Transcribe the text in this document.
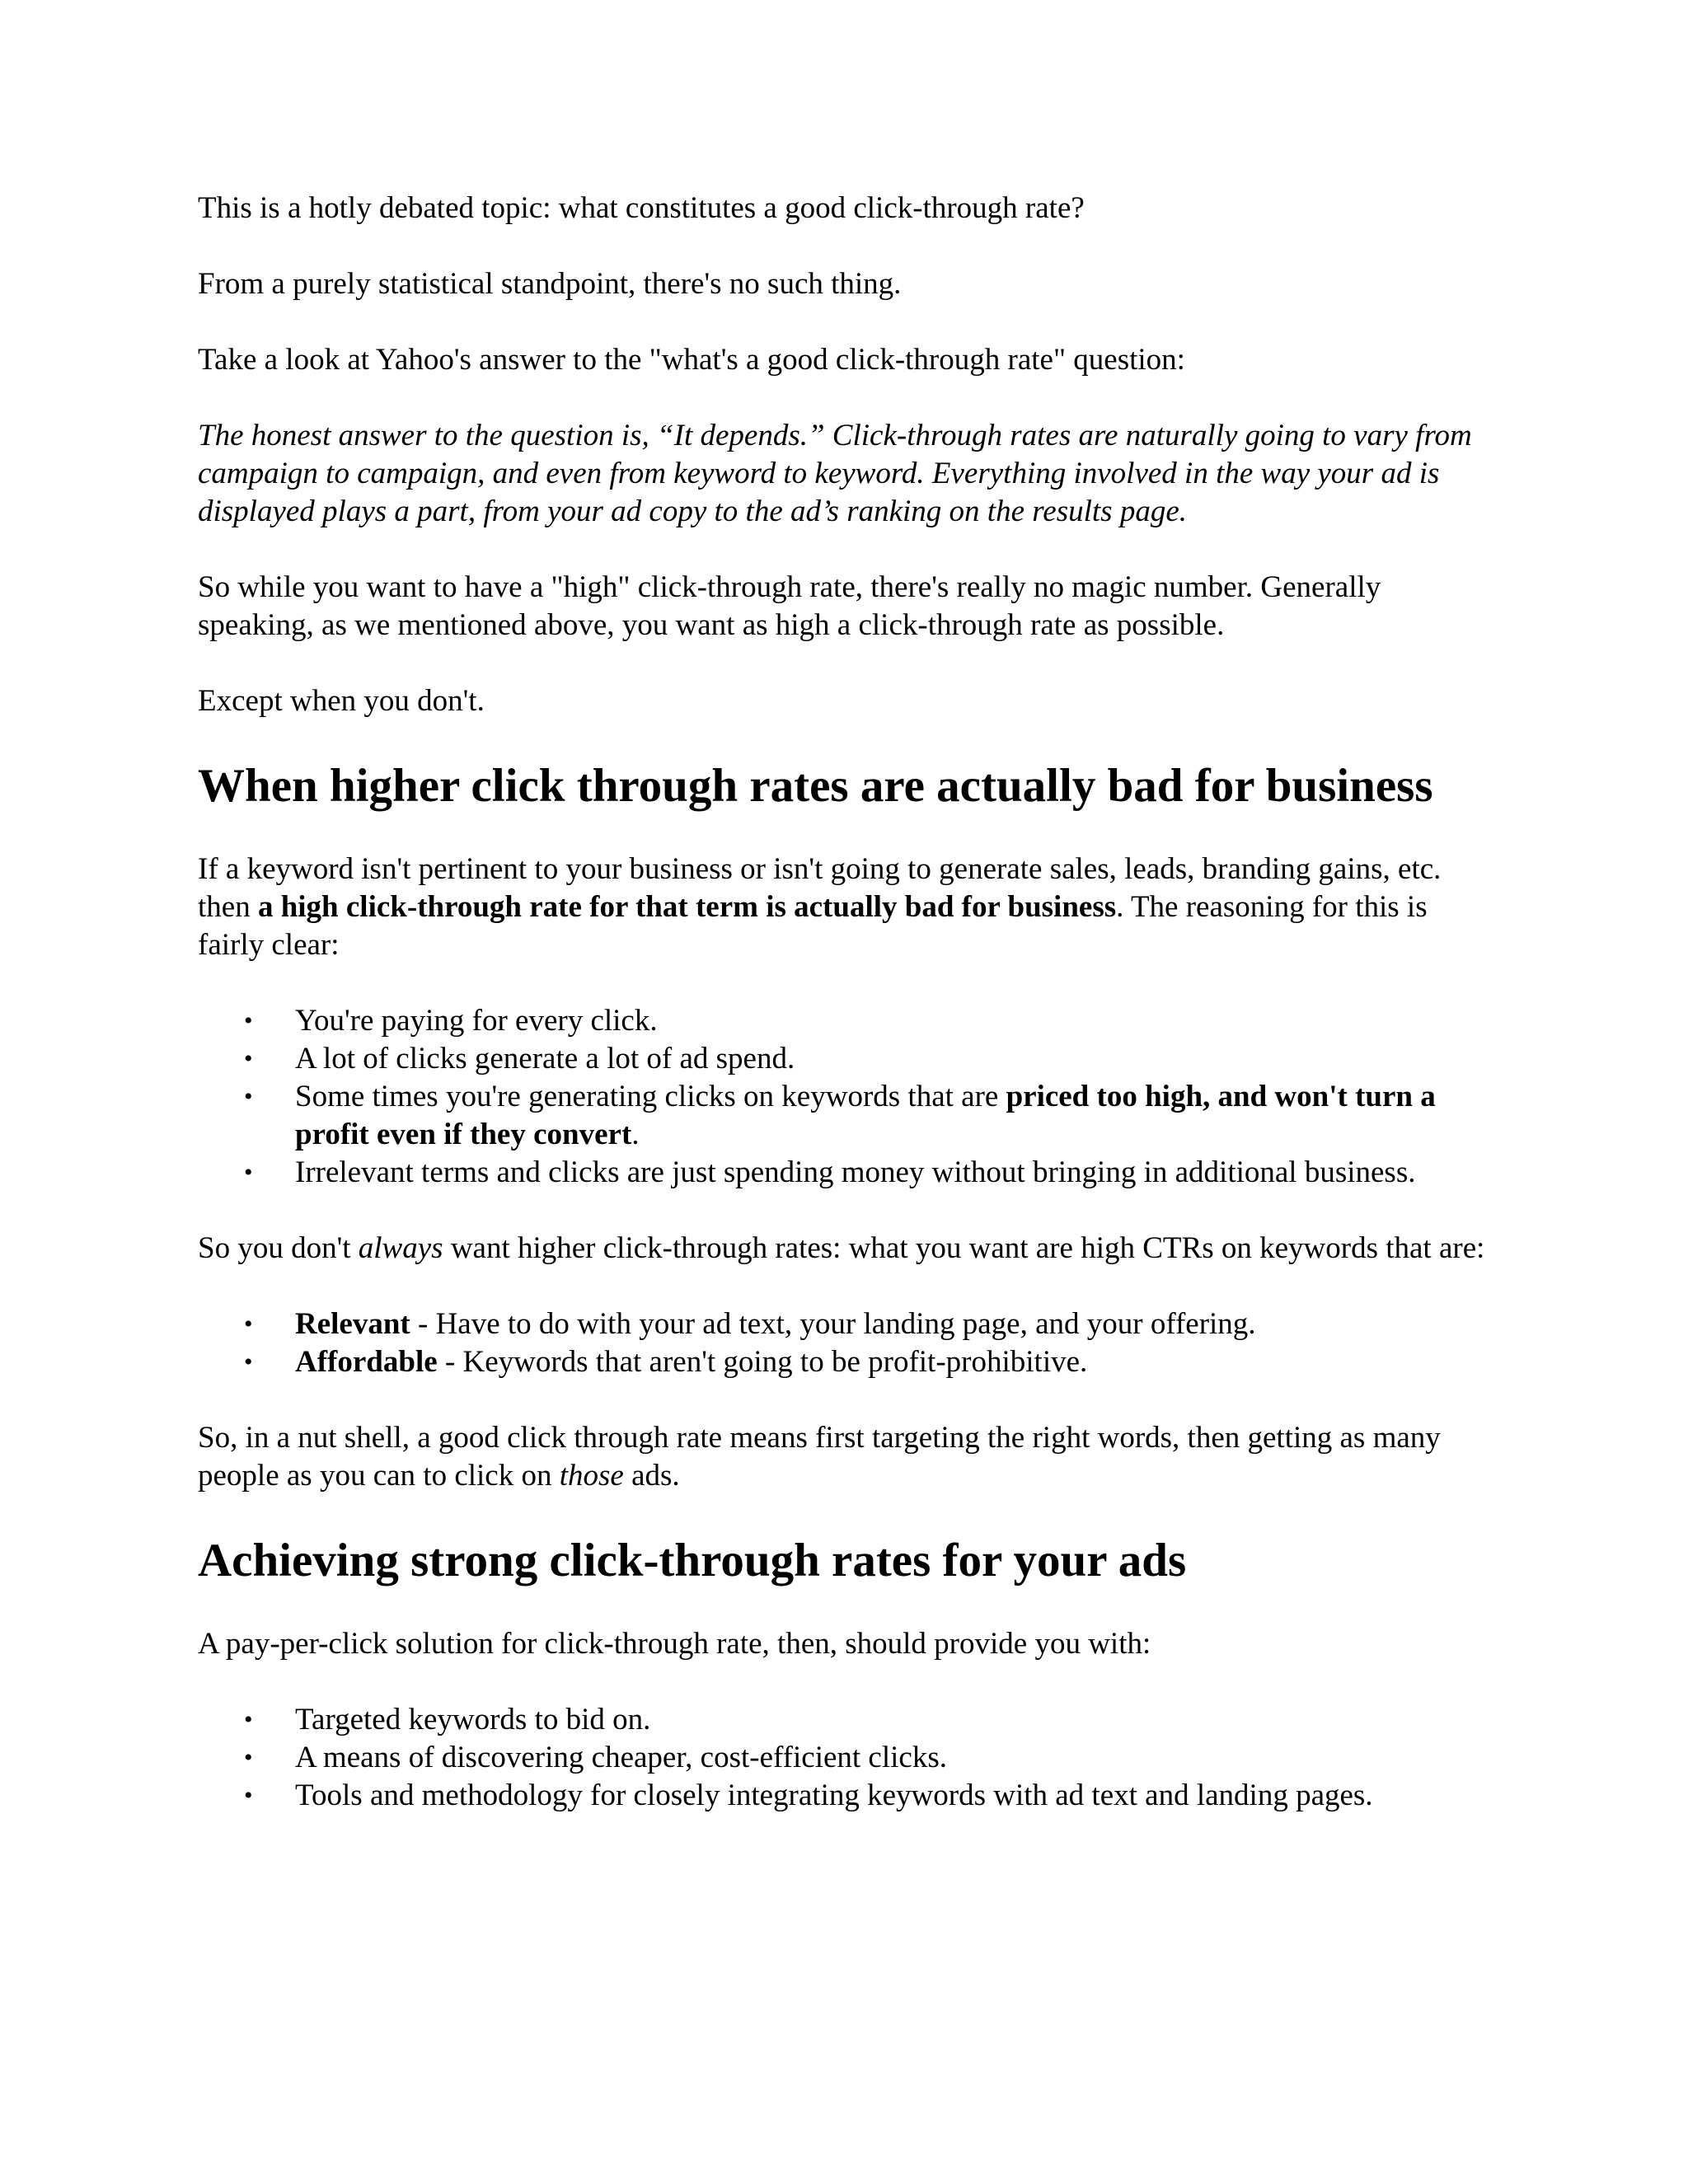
This is a hotly debated topic: what constitutes a good click-through rate?

From a purely statistical standpoint, there's no such thing.

Take a look at Yahoo's answer to the "what's a good click-through rate" question:

The honest answer to the question is, “It depends.” Click-through rates are naturally going to vary from campaign to campaign, and even from keyword to keyword. Everything involved in the way your ad is displayed plays a part, from your ad copy to the ad’s ranking on the results page.

So while you want to have a "high" click-through rate, there's really no magic number. Generally speaking, as we mentioned above, you want as high a click-through rate as possible.

Except when you don't.

When higher click through rates are actually bad for business

If a keyword isn't pertinent to your business or isn't going to generate sales, leads, branding gains, etc. then a high click-through rate for that term is actually bad for business. The reasoning for this is fairly clear:

• You're paying for every click.
• A lot of clicks generate a lot of ad spend.
• Some times you're generating clicks on keywords that are priced too high, and won't turn a profit even if they convert.
• Irrelevant terms and clicks are just spending money without bringing in additional business.

So you don't always want higher click-through rates: what you want are high CTRs on keywords that are:

• Relevant - Have to do with your ad text, your landing page, and your offering.
• Affordable - Keywords that aren't going to be profit-prohibitive.

So, in a nut shell, a good click through rate means first targeting the right words, then getting as many people as you can to click on those ads.

Achieving strong click-through rates for your ads

A pay-per-click solution for click-through rate, then, should provide you with:

• Targeted keywords to bid on.
• A means of discovering cheaper, cost-efficient clicks.
• Tools and methodology for closely integrating keywords with ad text and landing pages.
